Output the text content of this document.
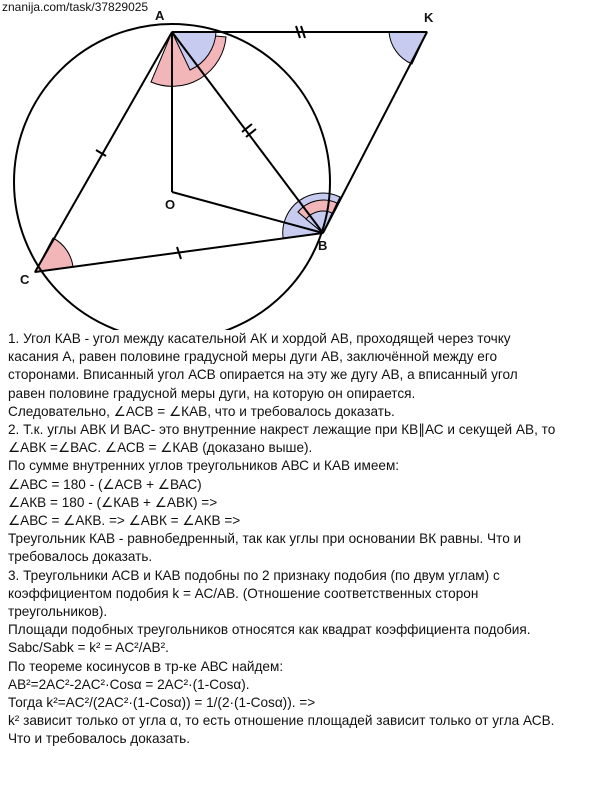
znanija.com/task/37829025
A	K
O
B
C
1. Угол КАВ - угол между касательной АК и хордой АВ, проходящей через точку
касания А, равен половине градусной меры дуги АВ, заключённой между его
сторонами. Вписанный угол АСВ опирается на эту же дугу АВ, а вписанный угол
равен половине градусной меры дуги, на которую он опирается.
Следовательно, ∠АСВ = ∠КАВ, что и требовалось доказать.
2. Т.к. углы АВК И ВАС- это внутренние накрест лежащие при КВ∥АС и секущей АВ, то
∠АВК =∠ВАС. ∠АСВ = ∠КАВ (доказано выше).
По сумме внутренних углов треугольников АВС и КАВ имеем:
∠АВС = 180 - (∠АСВ + ∠ВАС)
∠АКВ = 180 - (∠КАВ + ∠АВК) =>
∠АВС = ∠АКВ. => ∠АВК = ∠АКВ =>
Треугольник КАВ - равнобедренный, так как углы при основании ВК равны. Что и
требовалось доказать.
3. Треугольники АСВ и КАВ подобны по 2 признаку подобия (по двум углам) с
коэффициентом подобия k = АС/АВ. (Отношение соответственных сторон
треугольников).
Площади подобных треугольников относятся как квадрат коэффициента подобия.
Sabc/Sabk = k² = AC²/AB².
По теореме косинусов в тр-ке АВС найдем:
AB²=2AC²-2AC²·Cosα = 2AC²·(1-Cosα).
Тогда k²=AC²/(2AC²·(1-Cosα)) = 1/(2·(1-Cosα)). =>
k² зависит только от угла α, то есть отношение площадей зависит только от угла АСВ.
Что и требовалось доказать.
